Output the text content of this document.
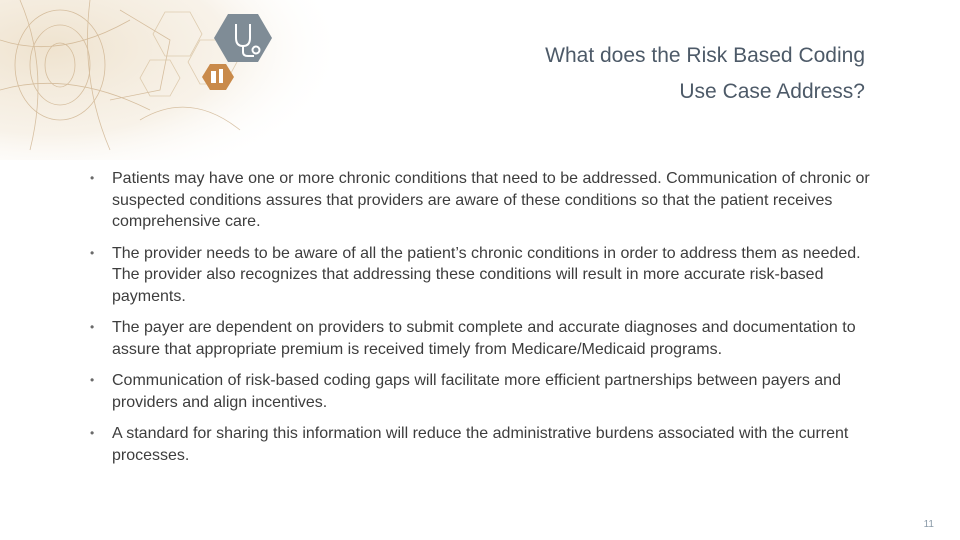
What does the Risk Based Coding
Use Case Address?
• Patients may have one or more chronic conditions that need to be addressed. Communication of chronic or suspected conditions assures that providers are aware of these conditions so that the patient receives comprehensive care.
• The provider needs to be aware of all the patient’s chronic conditions in order to address them as needed. The provider also recognizes that addressing these conditions will result in more accurate risk-based payments.
• The payer are dependent on providers to submit complete and accurate diagnoses and documentation to assure that appropriate premium is received timely from Medicare/Medicaid programs.
• Communication of risk-based coding gaps will facilitate more efficient partnerships between payers and providers and align incentives.
• A standard for sharing this information will reduce the administrative burdens associated with the current processes.
11
